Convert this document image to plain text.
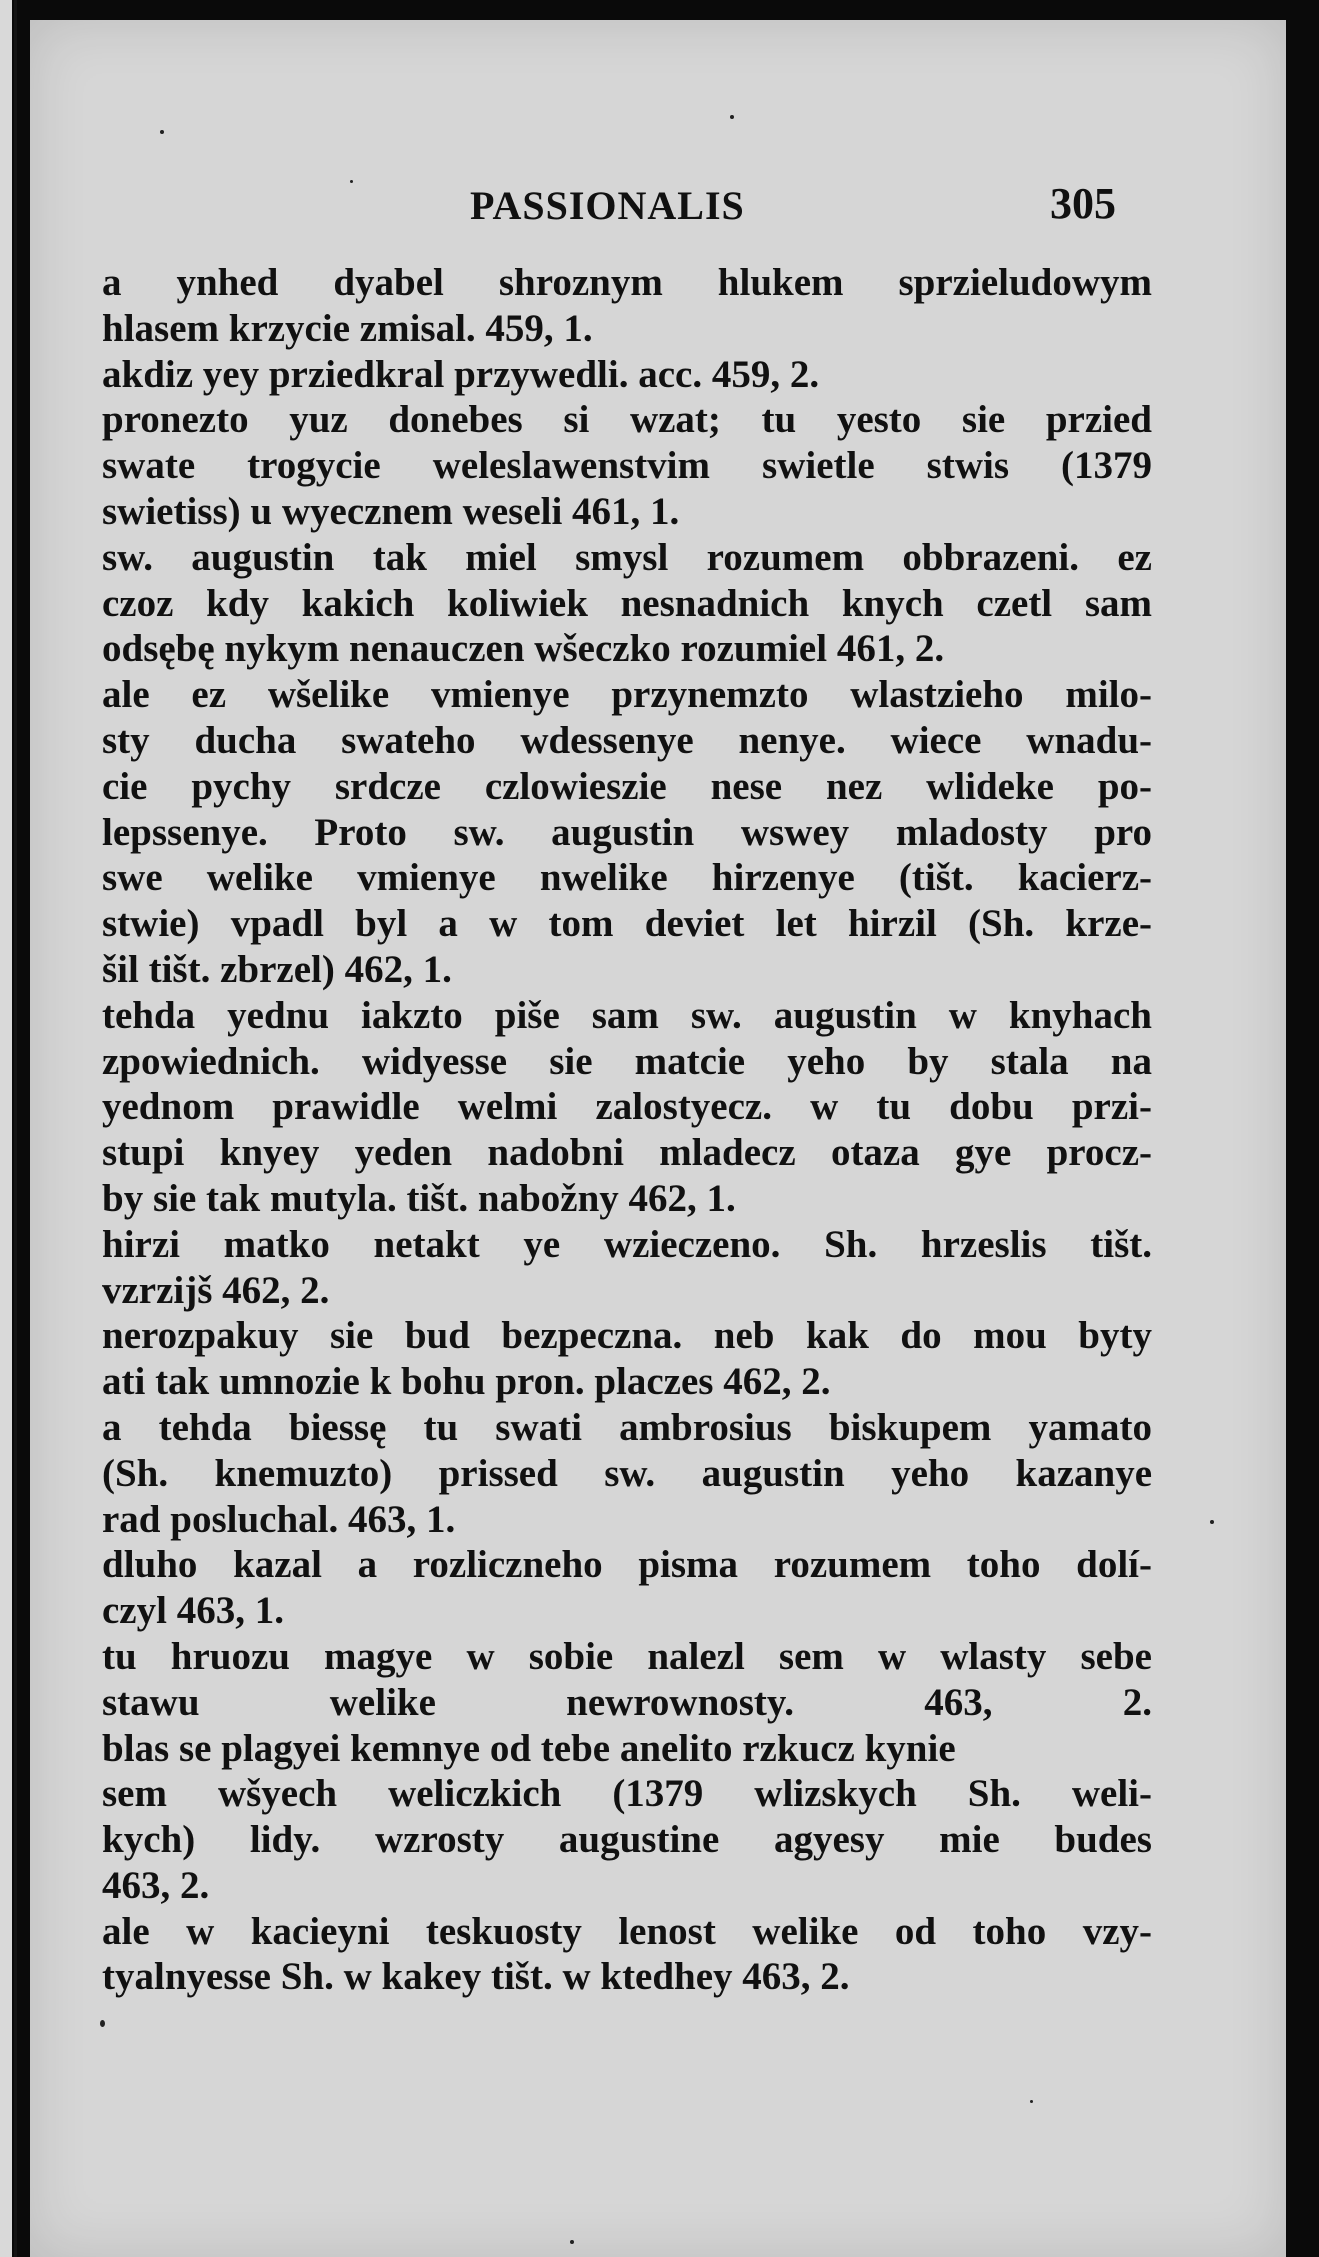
PASSIONALIS	305
a ynhed dyabel shroznym hlukem sprzieludowym
hlasem krzycie zmisal. 459, 1.
akdiz yey prziedkral przywedli. acc. 459, 2.
pronezto yuz donebes si wzat; tu yesto sie przied
swate trogycie weleslawenstvim swietle stwis (1379
swietiss) u wyecznem weseli 461, 1.
sw. augustin tak miel smysl rozumem obbrazeni. ez
czoz kdy kakich koliwiek nesnadnich knych czetl sam
odsębę nykym nenauczen wšeczko rozumiel 461, 2.
ale ez wšelike vmienye przynemzto wlastzieho milo-
sty ducha swateho wdessenye nenye. wiece wnadu-
cie pychy srdcze czlowieszie nese nez wlideke po-
lepssenye. Proto sw. augustin wswey mladosty pro
swe welike vmienye nwelike hirzenye (tišt. kacierz-
stwie) vpadl byl a w tom deviet let hirzil (Sh. krze-
šil tišt. zbrzel) 462, 1.
tehda yednu iakzto piše sam sw. augustin w knyhach
zpowiednich. widyesse sie matcie yeho by stala na
yednom prawidle welmi zalostyecz. w tu dobu przi-
stupi knyey yeden nadobni mladecz otaza gye procz-
by sie tak mutyla. tišt. nabožny 462, 1.
hirzi matko netakt ye wzieczeno. Sh. hrzeslis tišt.
vzrzijš 462, 2.
nerozpakuy sie bud bezpeczna. neb kak do mou byty
ati tak umnozie k bohu pron. placzes 462, 2.
a tehda biessę tu swati ambrosius biskupem yamato
(Sh. knemuzto) prissed sw. augustin yeho kazanye
rad posluchal. 463, 1.
dluho kazal a rozliczneho pisma rozumem toho dolí-
czyl 463, 1.
tu hruozu magye w sobie nalezl sem w wlasty sebe
stawu welike newrownosty. 463, 2.
blas se plagyei kemnye od tebe anelito rzkucz kynie
sem wšyech weliczkich (1379 wlizskych Sh. weli-
kych) lidy. wzrosty augustine agyesy mie budes
463, 2.
ale w kacieyni teskuosty lenost welike od toho vzy-
tyalnyesse Sh. w kakey tišt. w ktedhey 463, 2.
